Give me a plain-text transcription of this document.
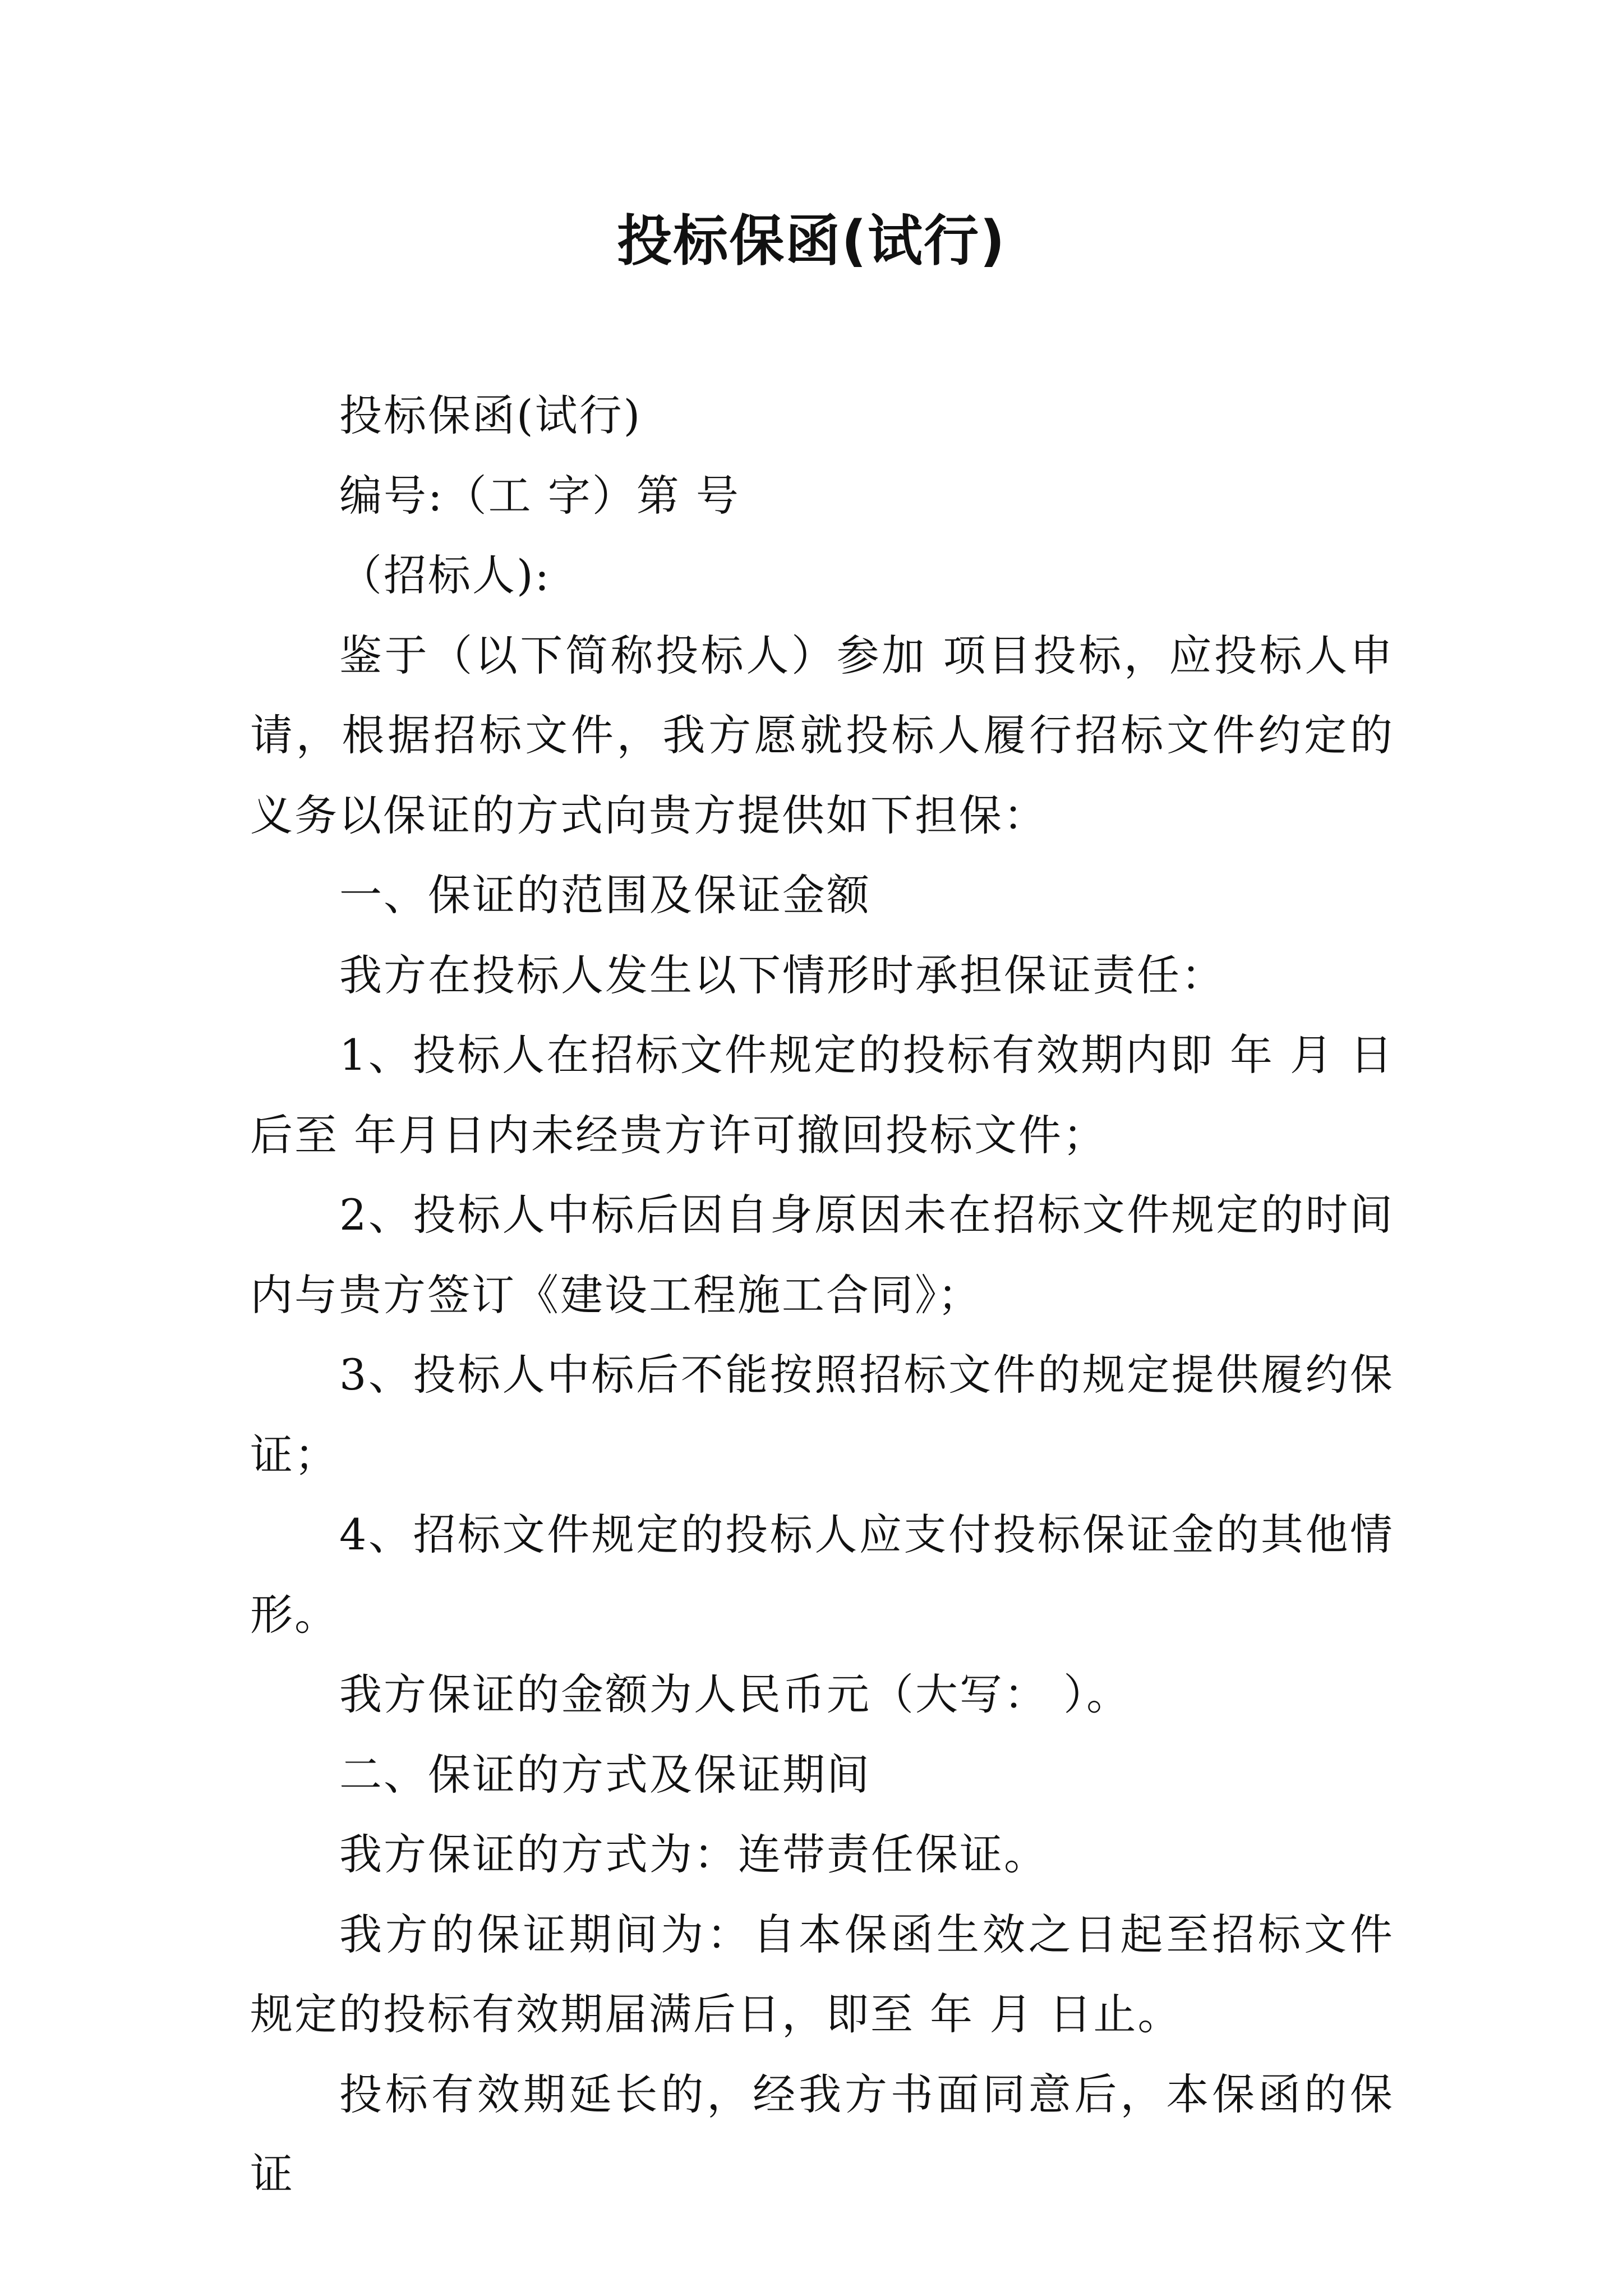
投标保函(试行)

投标保函(试行)

编号:（工 字）第 号

（招标人):

鉴于（以下简称投标人）参加 项目投标，应投标人申请，根据招标文件，我方愿就投标人履行招标文件约定的义务以保证的方式向贵方提供如下担保：

一、保证的范围及保证金额

我方在投标人发生以下情形时承担保证责任：

1、投标人在招标文件规定的投标有效期内即 年 月 日后至 年月日内未经贵方许可撤回投标文件；

2、投标人中标后因自身原因未在招标文件规定的时间内与贵方签订《建设工程施工合同》；

3、投标人中标后不能按照招标文件的规定提供履约保证；

4、招标文件规定的投标人应支付投标保证金的其他情形。

我方保证的金额为人民币元（大写： ）。

二、保证的方式及保证期间

我方保证的方式为：连带责任保证。

我方的保证期间为：自本保函生效之日起至招标文件规定的投标有效期届满后日，即至 年 月 日止。

投标有效期延长的，经我方书面同意后，本保函的保证
